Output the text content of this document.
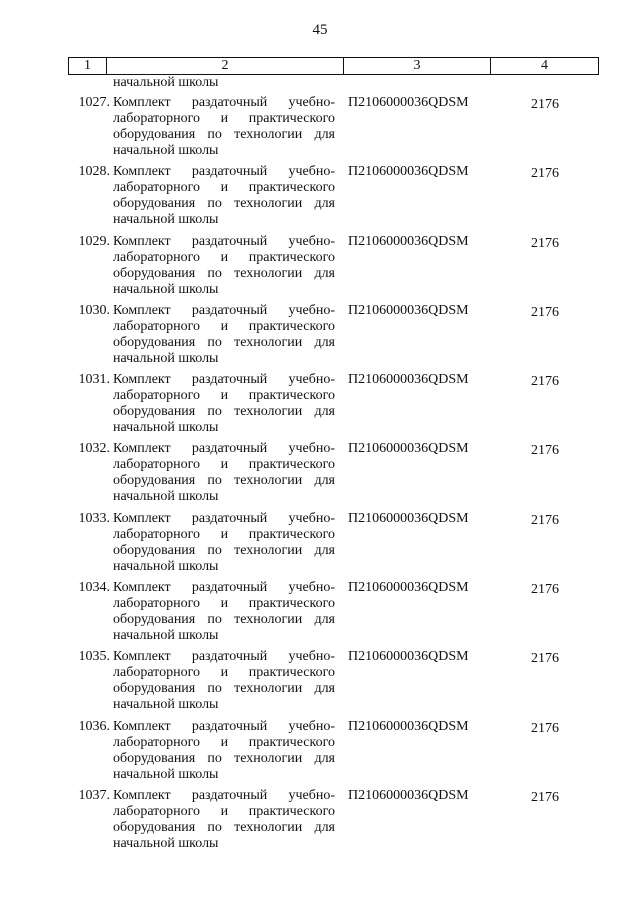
45
1	2	3	4
начальной школы
1027. Комплект раздаточный учебно-
лабораторного и практического
оборудования по технологии для
начальной школы
П2106000036QDSM	2176
1028. Комплект раздаточный учебно-
лабораторного и практического
оборудования по технологии для
начальной школы
П2106000036QDSM	2176
1029. Комплект раздаточный учебно-
лабораторного и практического
оборудования по технологии для
начальной школы
П2106000036QDSM	2176
1030. Комплект раздаточный учебно-
лабораторного и практического
оборудования по технологии для
начальной школы
П2106000036QDSM	2176
1031. Комплект раздаточный учебно-
лабораторного и практического
оборудования по технологии для
начальной школы
П2106000036QDSM	2176
1032. Комплект раздаточный учебно-
лабораторного и практического
оборудования по технологии для
начальной школы
П2106000036QDSM	2176
1033. Комплект раздаточный учебно-
лабораторного и практического
оборудования по технологии для
начальной школы
П2106000036QDSM	2176
1034. Комплект раздаточный учебно-
лабораторного и практического
оборудования по технологии для
начальной школы
П2106000036QDSM	2176
1035. Комплект раздаточный учебно-
лабораторного и практического
оборудования по технологии для
начальной школы
П2106000036QDSM	2176
1036. Комплект раздаточный учебно-
лабораторного и практического
оборудования по технологии для
начальной школы
П2106000036QDSM	2176
1037. Комплект раздаточный учебно-
лабораторного и практического
оборудования по технологии для
начальной школы
П2106000036QDSM	2176
